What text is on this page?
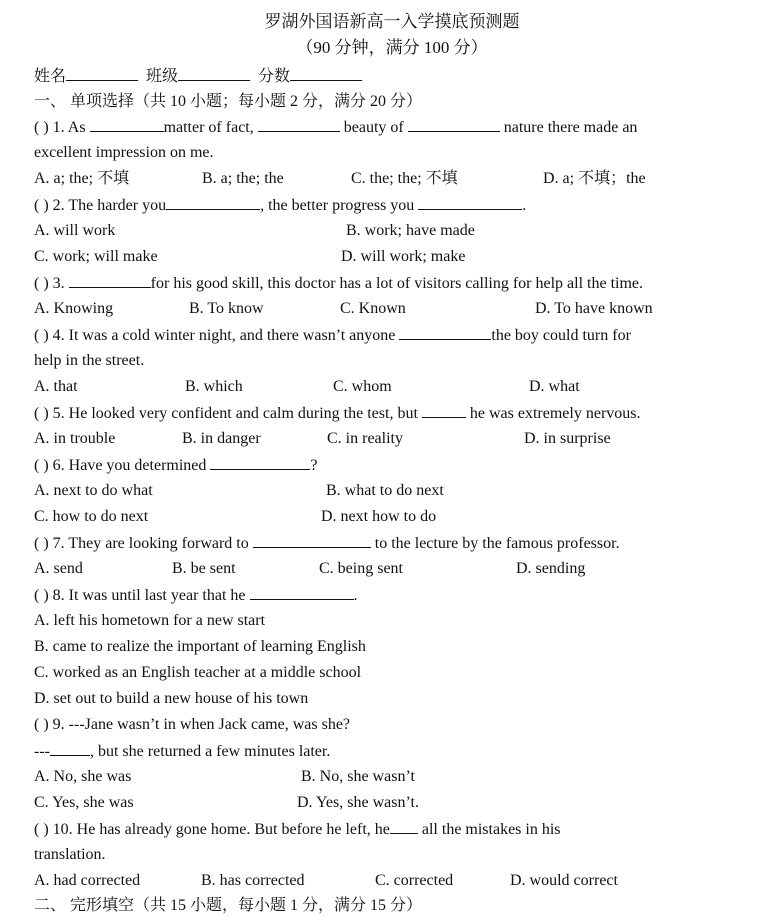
罗湖外国语新高一入学摸底预测题
（90 分钟，满分 100 分）
姓名	班级	分数
一、 单项选择（共 10 小题；每小题 2 分，满分 20 分）
( ) 1. As	matter of fact,	beauty of	nature there made an
excellent impression on me.
A. a; the; 不填	B. a; the; the	C. the; the; 不填	D. a; 不填；the
( ) 2. The harder you	, the better progress you	.
A. will work	B. work; have made
C. work; will make	D. will work; make
( ) 3.	for his good skill, this doctor has a lot of visitors calling for help all the time.
A. Knowing	B. To know	C. Known	D. To have known
( ) 4. It was a cold winter night, and there wasn’t anyone	the boy could turn for
help in the street.
A. that	B. which	C. whom	D. what
( ) 5. He looked very confident and calm during the test, but	he was extremely nervous.
A. in trouble	B. in danger	C. in reality	D. in surprise
( ) 6. Have you determined	?
A. next to do what	B. what to do next
C. how to do next	D. next how to do
( ) 7. They are looking forward to	to the lecture by the famous professor.
A. send	B. be sent	C. being sent	D. sending
( ) 8. It was until last year that he	.
A. left his hometown for a new start
B. came to realize the important of learning English
C. worked as an English teacher at a middle school
D. set out to build a new house of his town
( ) 9. ---Jane wasn’t in when Jack came, was she?
---	, but she returned a few minutes later.
A. No, she was	B. No, she wasn’t
C. Yes, she was	D. Yes, she wasn’t.
( ) 10. He has already gone home. But before he left, he all the mistakes in his
translation.
A. had corrected	B. has corrected	C. corrected	D. would correct
二、 完形填空（共 15 小题，每小题 1 分，满分 15 分）
